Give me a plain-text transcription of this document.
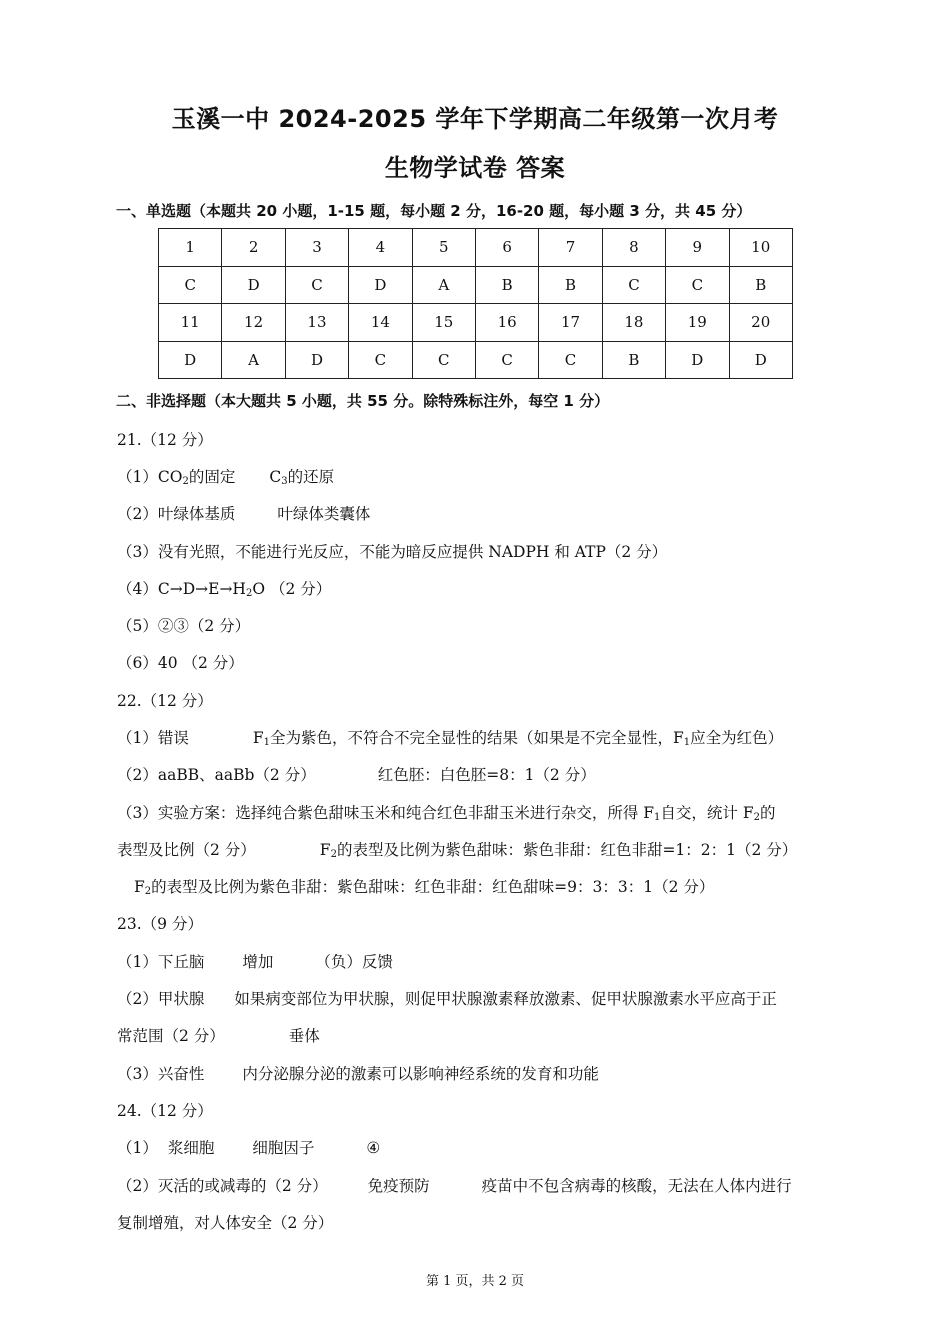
玉溪一中 2024-2025 学年下学期高二年级第一次月考
生物学试卷 答案
一、单选题（本题共 20 小题，1-15 题，每小题 2 分，16-20 题，每小题 3 分，共 45 分）
1	2	3	4	5	6	7	8	9	10
C	D	C	D	A	B	B	C	C	B
11	12	13	14	15	16	17	18	19	20
D	A	D	C	C	C	C	B	D	D
二、非选择题（本大题共 5 小题，共 55 分。除特殊标注外，每空 1 分）
21.（12 分）
$(1)CO_2$的固定 $C_3$的还原
（2）叶绿体基质	叶绿体类囊体
（3）没有光照，不能进行光反应，不能为暗反应提供 NADPH 和 ATP（2 分）
$(4)C\to D\to E\to H_2O$ （2 分）
（5）②③（2 分）
（6）40 （2 分）
22.（12 分）
（1）错误	$F_1$全为紫色，不符合不完全显性的结果（如果是不完全显性，$F_1$应全为红色）
（2）aaBB、aaBb（2 分）	红色胚：白色胚=8：1（2 分）
（3）实验方案：选择纯合紫色甜味玉米和纯合红色非甜玉米进行杂交，所得 $F_1$自交，统计 $F_2$的
表型及比例（2 分）	$F_2$的表型及比例为紫色甜味：紫色非甜：红色非甜=1：2：1（2 分）
$F_2$的表型及比例为紫色非甜：紫色甜味：红色非甜：红色甜味=9：3：3：1（2 分）
23.（9 分）
（1）下丘脑 增加	（负）反馈
（2）甲状腺 如果病变部位为甲状腺，则促甲状腺激素释放激素、促甲状腺激素水平应高于正
常范围（2 分）	垂体
（3）兴奋性 内分泌腺分泌的激素可以影响神经系统的发育和功能
24.（12 分）
（1） 浆细胞 细胞因子	④
（2）灭活的或减毒的（2 分）	免疫预防	疫苗中不包含病毒的核酸，无法在人体内进行
复制增殖，对人体安全（2 分）
第 1 页，共 2 页
